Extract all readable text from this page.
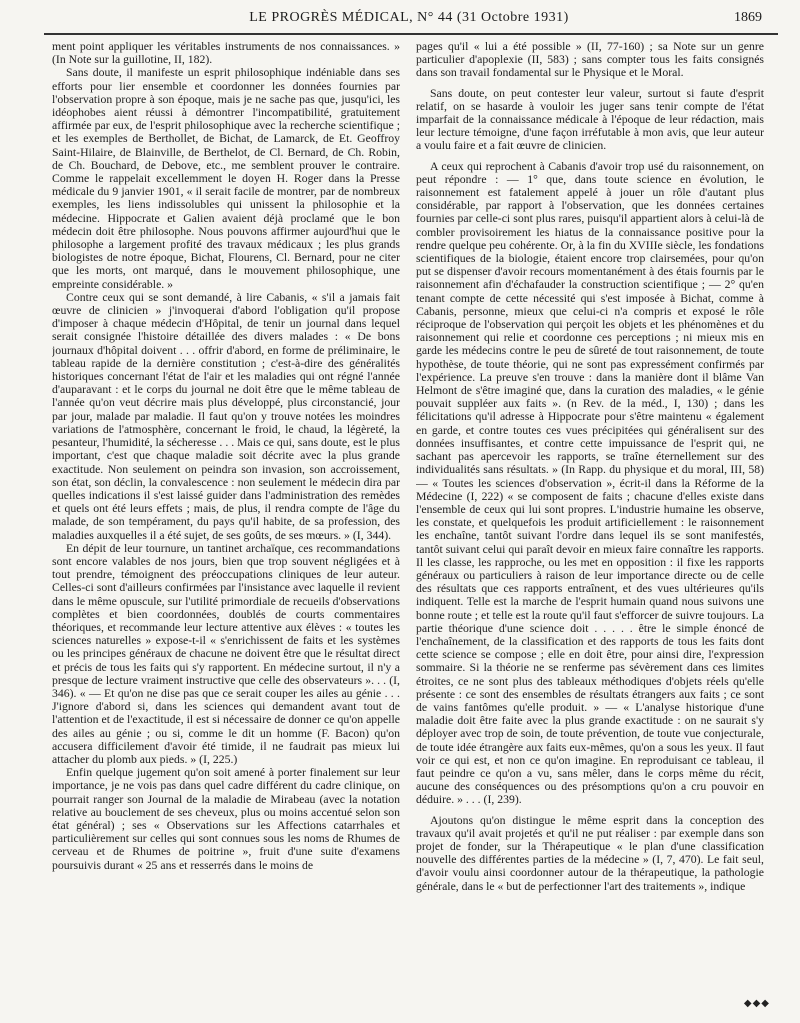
LE PROGRÈS MÉDICAL, N° 44 (31 Octobre 1931)	1869

ment point appliquer les véritables instruments de nos connaissances. » (In Note sur la guillotine, II, 182).

Sans doute, il manifeste un esprit philosophique indéniable dans ses efforts pour lier ensemble et coordonner les données fournies par l'observation propre à son époque, mais je ne sache pas que, jusqu'ici, les idéophobes aient réussi à démontrer l'incompatibilité, gratuitement affirmée par eux, de l'esprit philosophique avec la recherche scientifique ; et les exemples de Berthollet, de Bichat, de Lamarck, de Et. Geoffroy Saint-Hilaire, de Blainville, de Berthelot, de Cl. Bernard, de Ch. Robin, de Ch. Bouchard, de Debove, etc., me semblent prouver le contraire. Comme le rappelait excellemment le doyen H. Roger dans la Presse médicale du 9 janvier 1901, « il serait facile de montrer, par de nombreux exemples, les liens indissolubles qui unissent la philosophie et la médecine. Hippocrate et Galien avaient déjà proclamé que le bon médecin doit être philosophe. Nous pouvons affirmer aujourd'hui que le philosophe a largement profité des travaux médicaux ; les plus grands biologistes de notre époque, Bichat, Flourens, Cl. Bernard, pour ne citer que les morts, ont marqué, dans le mouvement philosophique, une empreinte considérable. »

Contre ceux qui se sont demandé, à lire Cabanis, « s'il a jamais fait œuvre de clinicien » j'invoquerai d'abord l'obligation qu'il propose d'imposer à chaque médecin d'Hôpital, de tenir un journal dans lequel serait consignée l'histoire détaillée des divers malades : « De bons journaux d'hôpital doivent . . . offrir d'abord, en forme de préliminaire, le tableau rapide de la dernière constitution ; c'est-à-dire des généralités historiques concernant l'état de l'air et les maladies qui ont régné l'année d'auparavant : et le corps du journal ne doit être que le même tableau de l'année qu'on veut décrire mais plus développé, plus circonstancié, jour par jour, malade par maladie. Il faut qu'on y trouve notées les moindres variations de l'atmosphère, concernant le froid, le chaud, la légèreté, la pesanteur, l'humidité, la sécheresse . . . Mais ce qui, sans doute, est le plus important, c'est que chaque maladie soit décrite avec la plus grande exactitude. Non seulement on peindra son invasion, son accroissement, son état, son déclin, la convalescence : non seulement le médecin dira par quelles indications il s'est laissé guider dans l'administration des remèdes et quels ont été leurs effets ; mais, de plus, il rendra compte de l'âge du malade, de son tempérament, du pays qu'il habite, de sa profession, des maladies auxquelles il a été sujet, de ses goûts, de ses mœurs. » (I, 344).

En dépit de leur tournure, un tantinet archaïque, ces recommandations sont encore valables de nos jours, bien que trop souvent négligées et à tout prendre, témoignent des préoccupations cliniques de leur auteur. Celles-ci sont d'ailleurs confirmées par l'insistance avec laquelle il revient dans le même opuscule, sur l'utilité primordiale de recueils d'observations complètes et bien coordonnées, doublés de courts commentaires théoriques, et recommande leur lecture attentive aux élèves : « toutes les sciences naturelles » expose-t-il « s'enrichissent de faits et les systèmes ou les principes généraux de chacune ne doivent être que le résultat direct et précis de tous les faits qui s'y rapportent. En médecine surtout, il n'y a presque de lecture vraiment instructive que celle des observateurs ». . . (I, 346). « — Et qu'on ne dise pas que ce serait couper les ailes au génie . . . J'ignore d'abord si, dans les sciences qui demandent avant tout de l'attention et de l'exactitude, il est si nécessaire de donner ce qu'on appelle des ailes au génie ; ou si, comme le dit un homme (F. Bacon) qu'on accusera difficilement d'avoir été timide, il ne faudrait pas mieux lui attacher du plomb aux pieds. » (I, 225.)

Enfin quelque jugement qu'on soit amené à porter finalement sur leur importance, je ne vois pas dans quel cadre différent du cadre clinique, on pourrait ranger son Journal de la maladie de Mirabeau (avec la notation relative au bouclement de ses cheveux, plus ou moins accentué selon son état général) ; ses « Observations sur les Affections catarrhales et particulièrement sur celles qui sont connues sous les noms de Rhumes de cerveau et de Rhumes de poitrine », fruit d'une suite d'examens poursuivis durant « 25 ans et resserrés dans le moins de

pages qu'il « lui a été possible » (II, 77-160) ; sa Note sur un genre particulier d'apoplexie (II, 583) ; sans compter tous les faits consignés dans son travail fondamental sur le Physique et le Moral.

Sans doute, on peut contester leur valeur, surtout si faute d'esprit relatif, on se hasarde à vouloir les juger sans tenir compte de l'état imparfait de la connaissance médicale à l'époque de leur rédaction, mais leur lecture témoigne, d'une façon irréfutable à mon avis, que leur auteur a voulu faire et a fait œuvre de clinicien.

A ceux qui reprochent à Cabanis d'avoir trop usé du raisonnement, on peut répondre : — 1° que, dans toute science en évolution, le raisonnement est fatalement appelé à jouer un rôle d'autant plus considérable, par rapport à l'observation, que les données certaines fournies par celle-ci sont plus rares, puisqu'il appartient alors à celui-là de combler provisoirement les hiatus de la connaissance positive pour la rendre quelque peu cohérente. Or, à la fin du XVIIIe siècle, les fondations scientifiques de la biologie, étaient encore trop clairsemées, pour qu'on put se dispenser d'avoir recours momentanément à des étais fournis par le raisonnement afin d'échafauder la construction scientifique ; — 2° qu'en tenant compte de cette nécessité qui s'est imposée à Bichat, comme à Cabanis, personne, mieux que celui-ci n'a compris et exposé le rôle réciproque de l'observation qui perçoit les objets et les phénomènes et du raisonnement qui relie et coordonne ces perceptions ; ni mieux mis en garde les médecins contre le peu de sûreté de tout raisonnement, de toute hypothèse, de toute théorie, qui ne sont pas expressément confirmés par l'expérience. La preuve s'en trouve : dans la manière dont il blâme Van Helmont de s'être imaginé que, dans la curation des maladies, « le génie pouvait suppléer aux faits ». (n Rev. de la méd., I, 130) ; dans les félicitations qu'il adresse à Hippocrate pour s'être maintenu « également en garde, et contre toutes ces vues précipitées qui généralisent sur des données insuffisantes, et contre cette impuissance de l'esprit qui, ne sachant pas apercevoir les rapports, se traîne éternellement sur des individualités sans résultats. » (In Rapp. du physique et du moral, III, 58) — « Toutes les sciences d'observation », écrit-il dans la Réforme de la Médecine (I, 222) « se composent de faits ; chacune d'elles existe dans l'ensemble de ceux qui lui sont propres. L'industrie humaine les observe, les constate, et quelquefois les produit artificiellement : le raisonnement les enchaîne, tantôt suivant l'ordre dans lequel ils se sont manifestés, tantôt suivant celui qui paraît devoir en mieux faire connaître les rapports. Il les classe, les rapproche, ou les met en opposition : il fixe les rapports généraux ou particuliers à raison de leur importance directe ou de celle des résultats que ces rapports entraînent, et des vues ultérieures qu'ils indiquent. Telle est la marche de l'esprit humain quand nous suivons une bonne route ; et telle est la route qu'il faut s'efforcer de suivre toujours. La partie théorique d'une science doit . . . . . être le simple énoncé de l'enchaînement, de la classification et des rapports de tous les faits dont cette science se compose ; elle en doit être, pour ainsi dire, l'expression sommaire. Si la théorie ne se renferme pas sévèrement dans ces limites étroites, ce ne sont plus des tableaux méthodiques d'objets réels qu'elle présente : ce sont des ensembles de résultats étrangers aux faits ; ce sont de vains fantômes qu'elle produit. » — « L'analyse historique d'une maladie doit être faite avec la plus grande exactitude : on ne saurait s'y déployer avec trop de soin, de toute prévention, de toute vue conjecturale, de toute idée étrangère aux faits eux-mêmes, qu'on a sous les yeux. Il faut voir ce qui est, et non ce qu'on imagine. En reproduisant ce tableau, il faut peindre ce qu'on a vu, sans mêler, dans le corps même du récit, aucune des conséquences ou des présomptions qu'on a cru pouvoir en déduire. » . . . (I, 239).

Ajoutons qu'on distingue le même esprit dans la conception des travaux qu'il avait projetés et qu'il ne put réaliser : par exemple dans son projet de fonder, sur la Thérapeutique « le plan d'une classification nouvelle des différentes parties de la médecine » (I, 7, 470). Le fait seul, d'avoir voulu ainsi coordonner autour de la thérapeutique, la pathologie générale, dans le « but de perfectionner l'art des traitements », indique

◆◆◆
